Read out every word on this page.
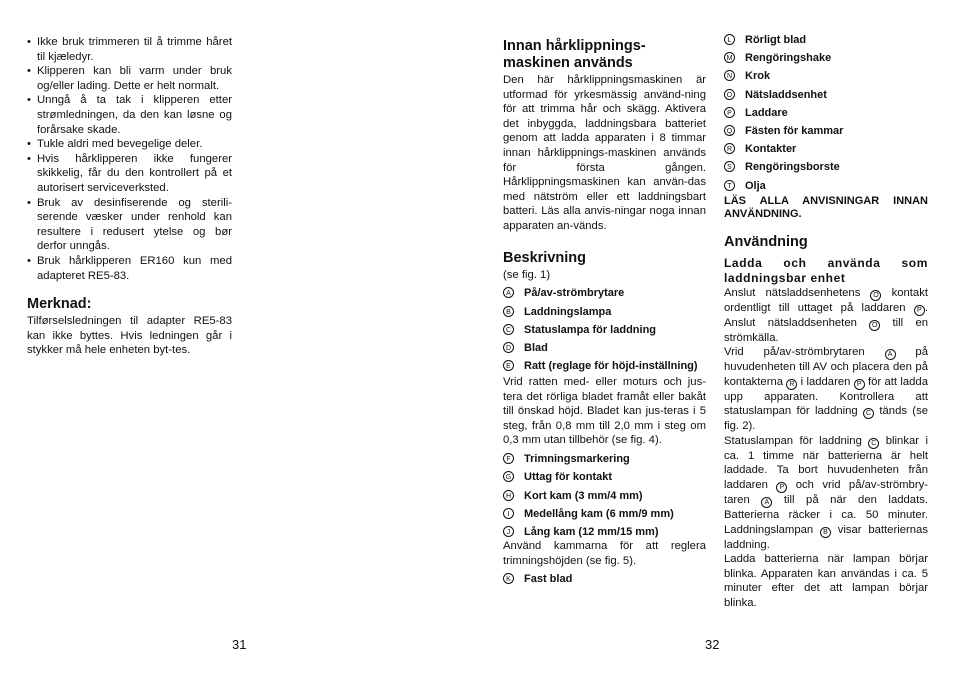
• Ikke bruk trimmeren til å trimme håret til kjæledyr.
• Klipperen kan bli varm under bruk og/eller lading. Dette er helt normalt.
• Unngå å ta tak i klipperen etter strømledningen, da den kan løsne og forårsake skade.
• Tukle aldri med bevegelige deler.
• Hvis hårklipperen ikke fungerer skikkelig, får du den kontrollert på et autorisert serviceverksted.
• Bruk av desinfiserende og sterili-serende væsker under renhold kan resultere i redusert ytelse og bør derfor unngås.
• Bruk hårklipperen ER160 kun med adapteret RE5-83.
Merknad:

Tilførselsledningen til adapter RE5-83 kan ikke byttes. Hvis ledningen går i stykker må hele enheten byt-tes.

31
Innan hårklippnings-maskinen används

Den här hårklippningsmaskinen är utformad för yrkesmässig använd-ning för att trimma hår och skägg. Aktivera det inbyggda, laddningsbara batteriet genom att ladda apparaten i 8 timmar innan hårklippnings-maskinen används för första gången. Hårklippningsmaskinen kan använ-das med nätström eller ett laddningsbart batteri. Läs alla anvis-ningar noga innan apparaten an-vänds.

Beskrivning

(se fig. 1)

A På/av-strömbrytare
B Laddningslampa
C Statuslampa för laddning
D Blad
E Ratt (reglage för höjd-inställning)

Vrid ratten med- eller moturs och jus-tera det rörliga bladet framåt eller bakåt till önskad höjd. Bladet kan jus-teras i 5 steg, från 0,8 mm till 2,0 mm i steg om 0,3 mm utan tillbehör (se fig. 4).

F	Trimningsmarkering
G Uttag för kontakt
H Kort kam (3 mm/4 mm)
I	Medellång kam (6 mm/9 mm)
J	Lång kam (12 mm/15 mm)

Använd kammarna för att reglera trimningshöjden (se fig. 5).

K Fast blad
32
L	Rörligt blad
M Rengöringshake
N Krok
O Nätsladdsenhet
P Laddare
Q Fästen för kammar
R Kontakter
S Rengöringsborste
T	Olja

LÄS ALLA ANVISNINGAR INNAN ANVÄNDNING.

Användning

Ladda och använda som laddningsbar enhet

Anslut nätsladdsenhetens O kontakt ordentligt till uttaget på laddaren P . Anslut nätsladdsenheten O till en strömkälla.

Vrid på/av-strömbrytaren A på huvudenheten till AV och placera den på kontakterna R i laddaren P för att ladda upp apparaten. Kontrollera att statuslampan för laddning C tänds (se fig. 2).

Statuslampan för laddning C blinkar i ca. 1 timme när batterierna är helt laddade. Ta bort huvudenheten från laddaren P och vrid på/av-strömbry-taren A till på när den laddats. Batterierna räcker i ca. 50 minuter. Laddningslampan B visar batteriernas laddning.

Ladda batterierna när lampan börjar blinka. Apparaten kan användas i ca. 5 minuter efter det att lampan börjar blinka.
